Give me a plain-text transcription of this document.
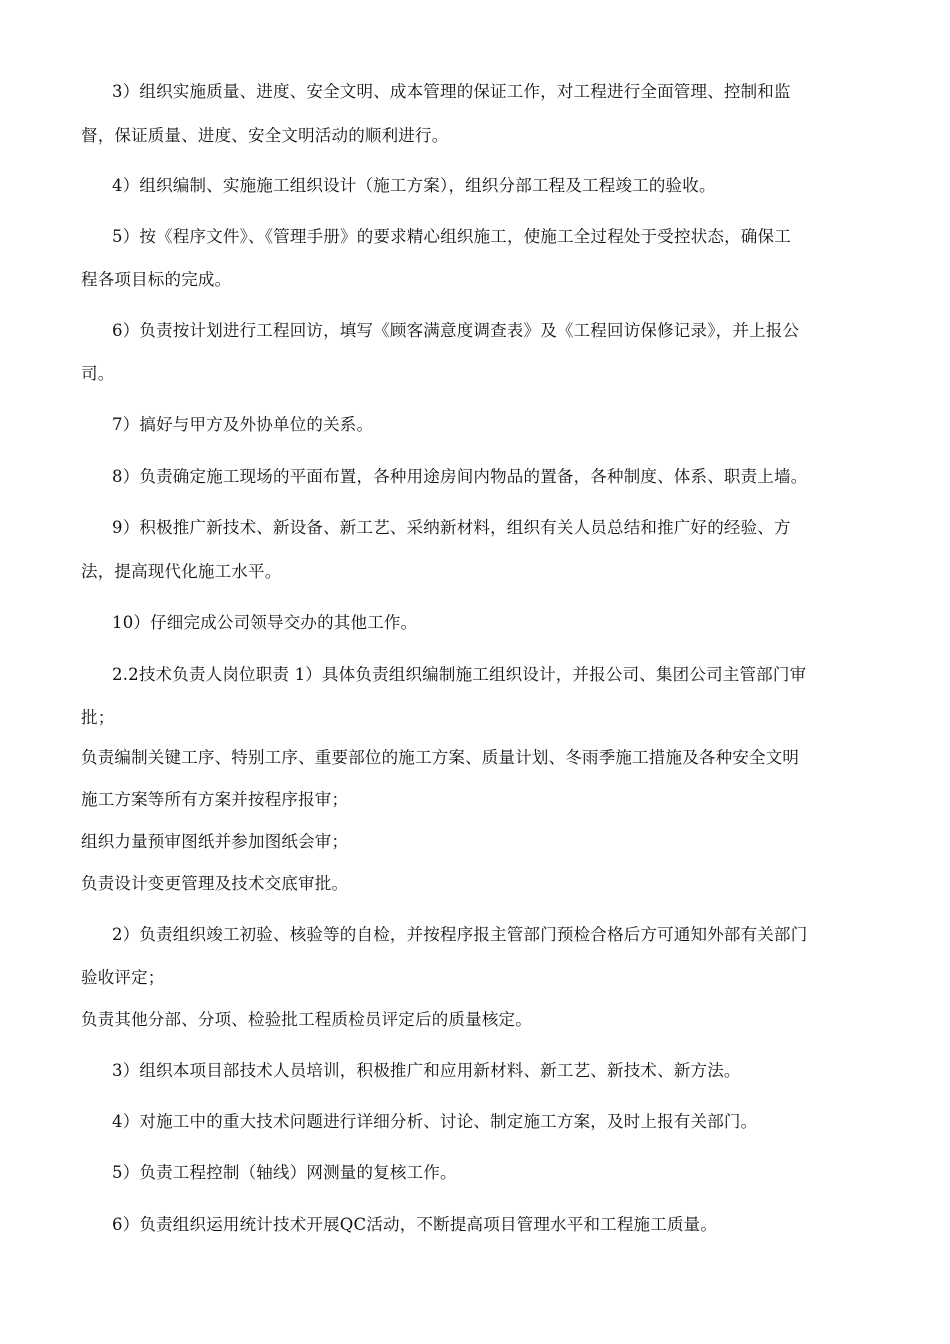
3）组织实施质量、进度、安全文明、成本管理的保证工作，对工程进行全面管理、控制和监
督，保证质量、进度、安全文明活动的顺利进行。
4）组织编制、实施施工组织设计（施工方案），组织分部工程及工程竣工的验收。
5）按《程序文件》、《管理手册》的要求精心组织施工，使施工全过程处于受控状态，确保工
程各项目标的完成。
6）负责按计划进行工程回访，填写《顾客满意度调查表》及《工程回访保修记录》，并上报公
司。
7）搞好与甲方及外协单位的关系。
8）负责确定施工现场的平面布置，各种用途房间内物品的置备，各种制度、体系、职责上墙。
9）积极推广新技术、新设备、新工艺、采纳新材料，组织有关人员总结和推广好的经验、方
法，提高现代化施工水平。
10）仔细完成公司领导交办的其他工作。
2.2技术负责人岗位职责 1）具体负责组织编制施工组织设计，并报公司、集团公司主管部门审
批；
负责编制关键工序、特别工序、重要部位的施工方案、质量计划、冬雨季施工措施及各种安全文明
施工方案等所有方案并按程序报审；
组织力量预审图纸并参加图纸会审；
负责设计变更管理及技术交底审批。
2）负责组织竣工初验、核验等的自检，并按程序报主管部门预检合格后方可通知外部有关部门
验收评定；
负责其他分部、分项、检验批工程质检员评定后的质量核定。
3）组织本项目部技术人员培训，积极推广和应用新材料、新工艺、新技术、新方法。
4）对施工中的重大技术问题进行详细分析、讨论、制定施工方案，及时上报有关部门。
5）负责工程控制（轴线）网测量的复核工作。
6）负责组织运用统计技术开展QC活动，不断提高项目管理水平和工程施工质量。
